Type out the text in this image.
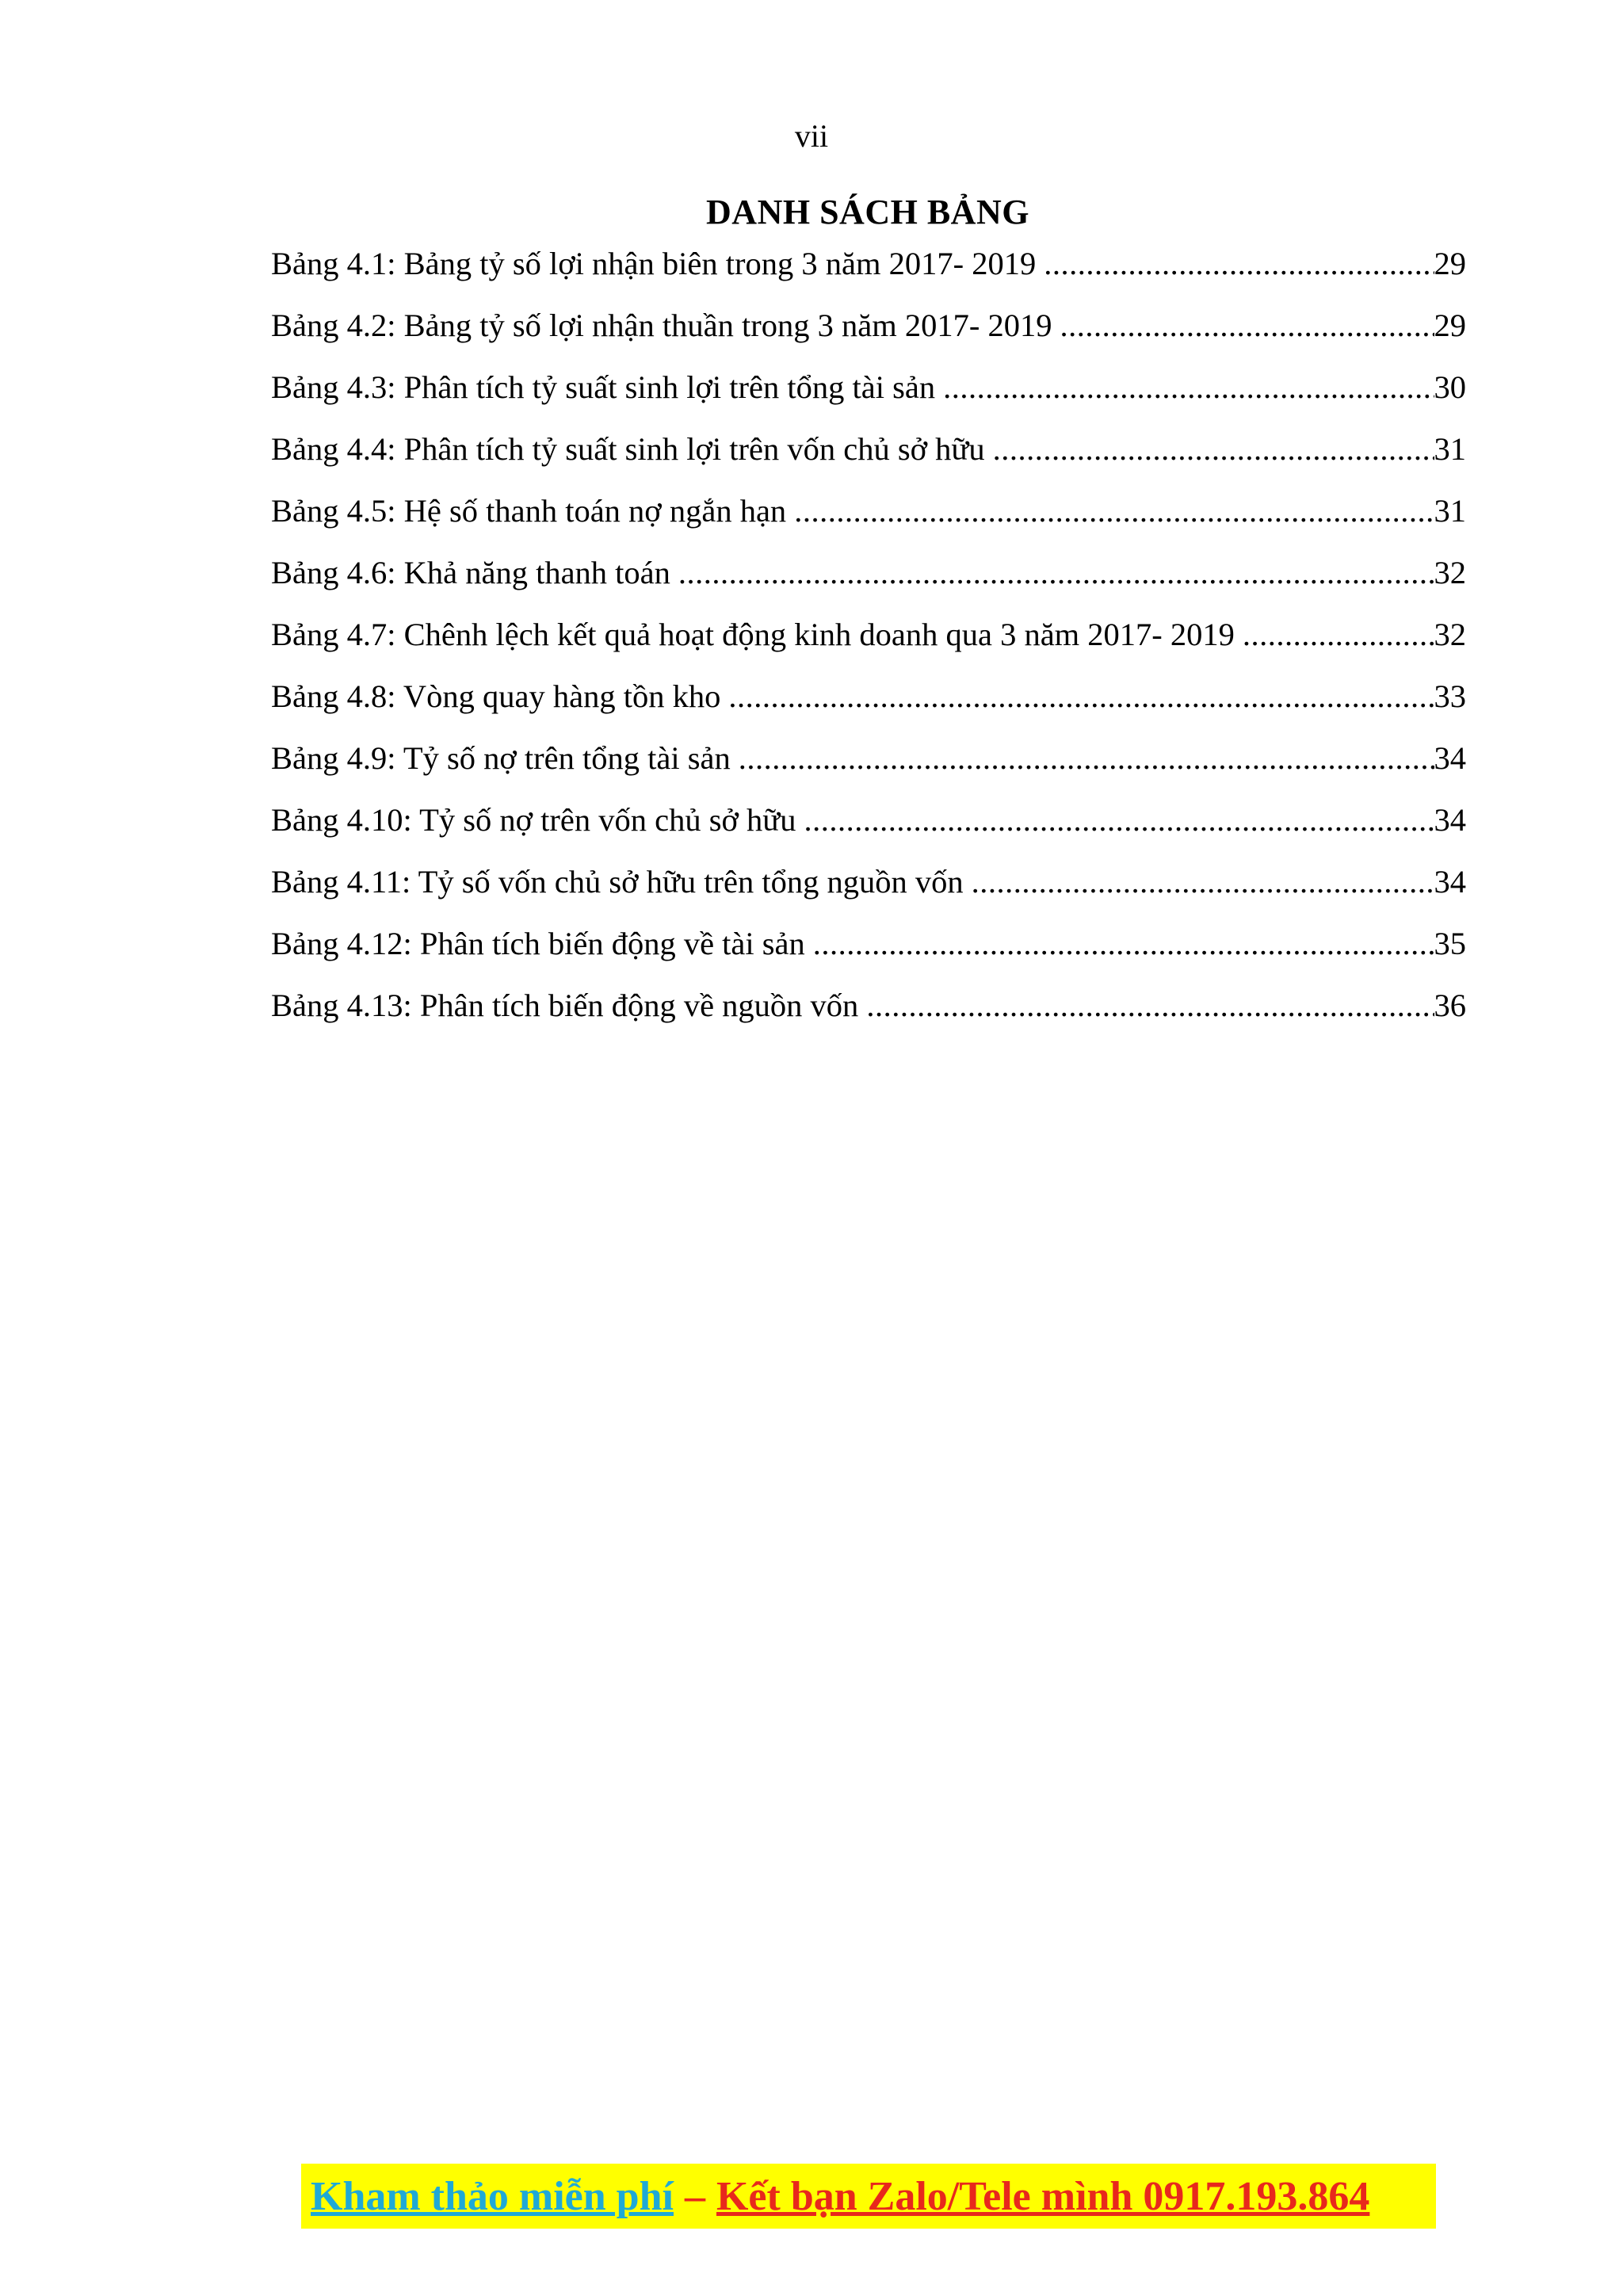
vii
DANH SÁCH BẢNG
Bảng 4.1: Bảng tỷ số lợi nhận biên trong 3 năm 2017- 2019 .....	29
Bảng 4.2: Bảng tỷ số lợi nhận thuần trong 3 năm 2017- 2019 .....	29
Bảng 4.3: Phân tích tỷ suất sinh lợi trên tổng tài sản .....	30
Bảng 4.4: Phân tích tỷ suất sinh lợi trên vốn chủ sở hữu .....	31
Bảng 4.5: Hệ số thanh toán nợ ngắn hạn .....	31
Bảng 4.6: Khả năng thanh toán .....	32
Bảng 4.7: Chênh lệch kết quả hoạt động kinh doanh qua 3 năm 2017- 2019 .....	32
Bảng 4.8: Vòng quay hàng tồn kho .....	33
Bảng 4.9: Tỷ số nợ trên tổng tài sản .....	34
Bảng 4.10: Tỷ số nợ trên vốn chủ sở hữu .....	34
Bảng 4.11: Tỷ số vốn chủ sở hữu trên tổng nguồn vốn .....	34
Bảng 4.12: Phân tích biến động về tài sản .....	35
Bảng 4.13: Phân tích biến động về nguồn vốn .....	36
Kham thảo miễn phí – Kết bạn Zalo/Tele mình 0917.193.864
